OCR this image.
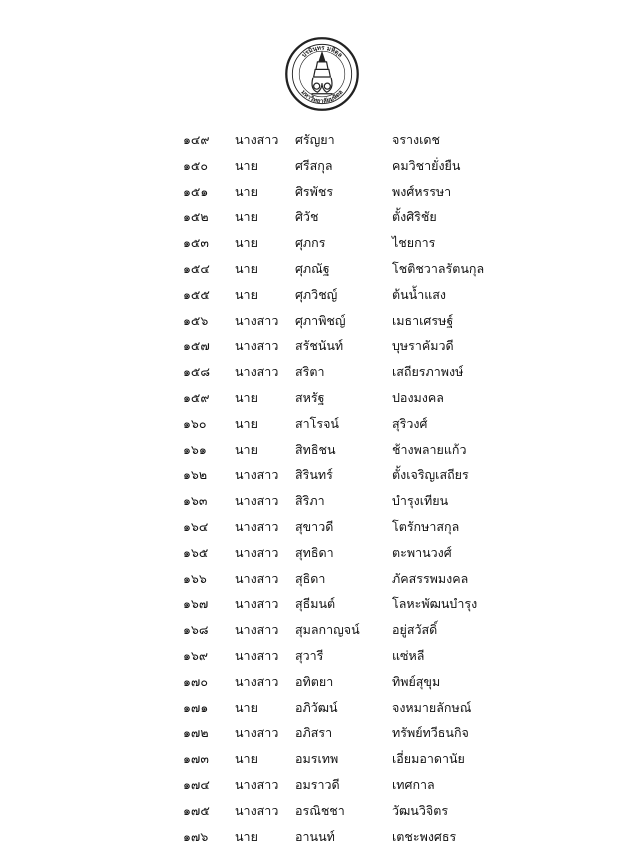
ปรมินฺทร มหิตฺล
มหาวิทยาลัยมหิดล
๑๔๙ นางสาว ศรัญยา	จรางเดช
๑๕๐ นาย	ศรีสกุล	คมวิชายั่งยืน
๑๕๑ นาย	ศิรพัชร	พงศ์หรรษา
๑๕๒ นาย	ศิวัช	ตั้งศิริชัย
๑๕๓ นาย	ศุภกร	ไชยการ
๑๕๔ นาย	ศุภณัฐ	โชติชวาลรัตนกุล
๑๕๕ นาย	ศุภวิชญ์	ต้นน้ำแสง
๑๕๖ นางสาว ศุภาพิชญ์	เมธาเศรษฐ์
๑๕๗ นางสาว สรัชนันท์	บุษราคัมวดี
๑๕๘ นางสาว สริตา	เสถียรภาพงษ์
๑๕๙ นาย	สหรัฐ	ปองมงคล
๑๖๐ นาย	สาโรจน์	สุริวงศ์
๑๖๑ นาย	สิทธิชน	ช้างพลายแก้ว
๑๖๒ นางสาว สิรินทร์	ตั้งเจริญเสถียร
๑๖๓ นางสาว สิริภา	บำรุงเทียน
๑๖๔ นางสาว สุขาวดี	โตรักษาสกุล
๑๖๕ นางสาว สุทธิดา	ตะพานวงศ์
๑๖๖ นางสาว สุธิดา	ภัคสรรพมงคล
๑๖๗ นางสาว สุธีมนต์	โลหะพัฒนบำรุง
๑๖๘ นางสาว สุมลกาญจน์	อยู่สวัสดิ์
๑๖๙ นางสาว สุวารี	แซ่หลี
๑๗๐ นางสาว อทิตยา	ทิพย์สุขุม
๑๗๑ นาย	อภิวัฒน์	จงหมายลักษณ์
๑๗๒ นางสาว อภิสรา	ทรัพย์ทวีธนกิจ
๑๗๓ นาย	อมรเทพ	เอี่ยมอาดานัย
๑๗๔ นางสาว อมราวดี	เทศกาล
๑๗๕ นางสาว อรณิชชา	วัฒนวิจิตร
๑๗๖ นาย	อานนท์	เตชะพงศธร
